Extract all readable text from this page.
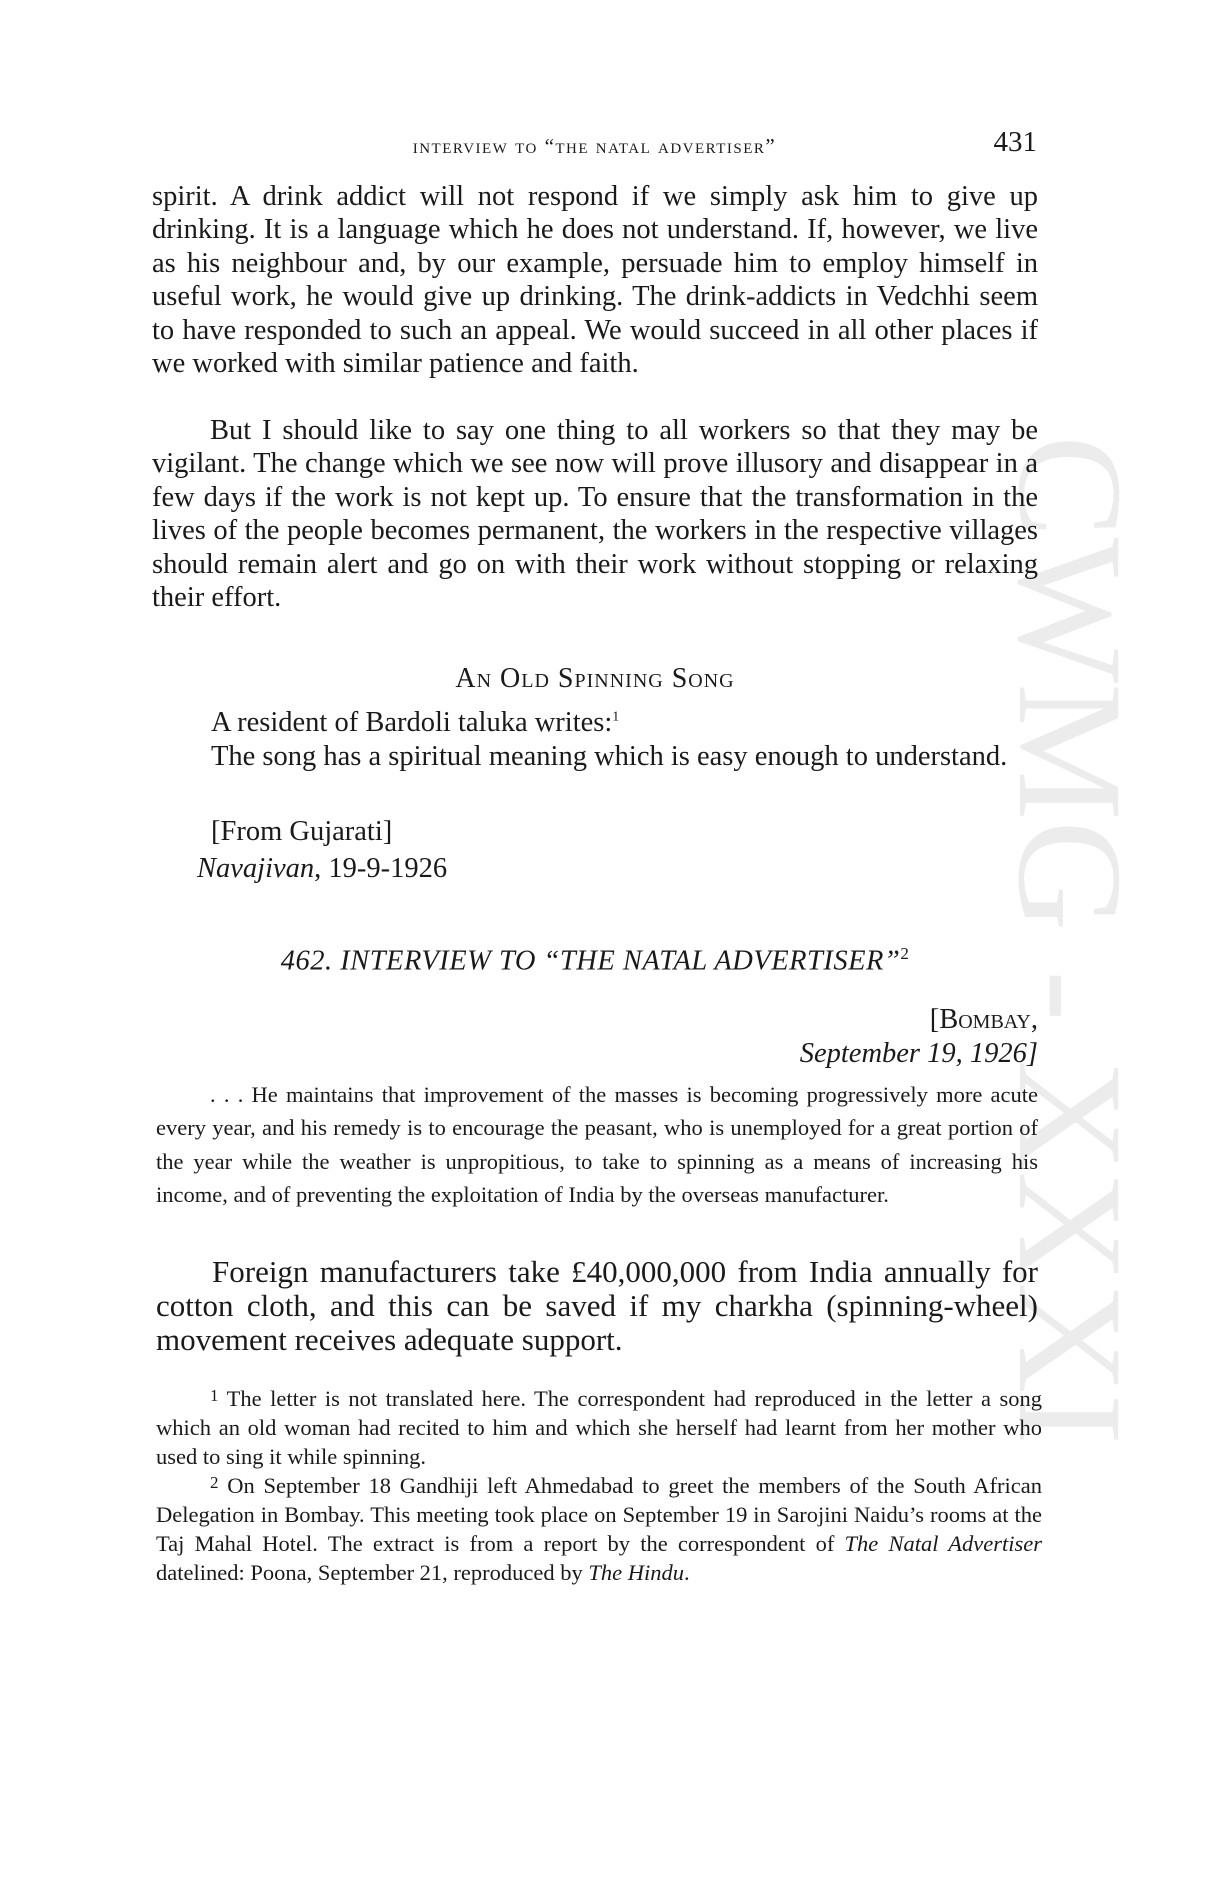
CWMG XXXI
interview to “the natal advertiser”	431

spirit. A drink addict will not respond if we simply ask him to give up drinking. It is a language which he does not understand. If, however, we live as his neighbour and, by our example, persuade him to employ himself in useful work, he would give up drinking. The drink-addicts in Vedchhi seem to have responded to such an appeal. We would succeed in all other places if we worked with similar patience and faith.

But I should like to say one thing to all workers so that they may be vigilant. The change which we see now will prove illusory and disappear in a few days if the work is not kept up. To ensure that the transformation in the lives of the people becomes permanent, the workers in the respective villages should remain alert and go on with their work without stopping or relaxing their effort.

An Old Spinning Song

A resident of Bardoli taluka writes:$^1$

The song has a spiritual meaning which is easy enough to understand.

[From Gujarati]

Navajivan, 19-9-1926

462. INTERVIEW TO “THE NATAL ADVERTISER”$^2$
[Bombay,
September 19, 1926]

. . . He maintains that improvement of the masses is becoming progressively more acute every year, and his remedy is to encourage the peasant, who is unemployed for a great portion of the year while the weather is unpropitious, to take to spinning as a means of increasing his income, and of preventing the exploitation of India by the overseas manufacturer.

Foreign manufacturers take £40,000,000 from India annually for cotton cloth, and this can be saved if my charkha (spinning-wheel) movement receives adequate support.

$^1$ The letter is not translated here. The correspondent had reproduced in the letter a song which an old woman had recited to him and which she herself had learnt from her mother who used to sing it while spinning.

$^2$ On September 18 Gandhiji left Ahmedabad to greet the members of the South African Delegation in Bombay. This meeting took place on September 19 in Sarojini Naidu’s rooms at the Taj Mahal Hotel. The extract is from a report by the correspondent of The Natal Advertiser datelined: Poona, September 21, reproduced by The Hindu.
